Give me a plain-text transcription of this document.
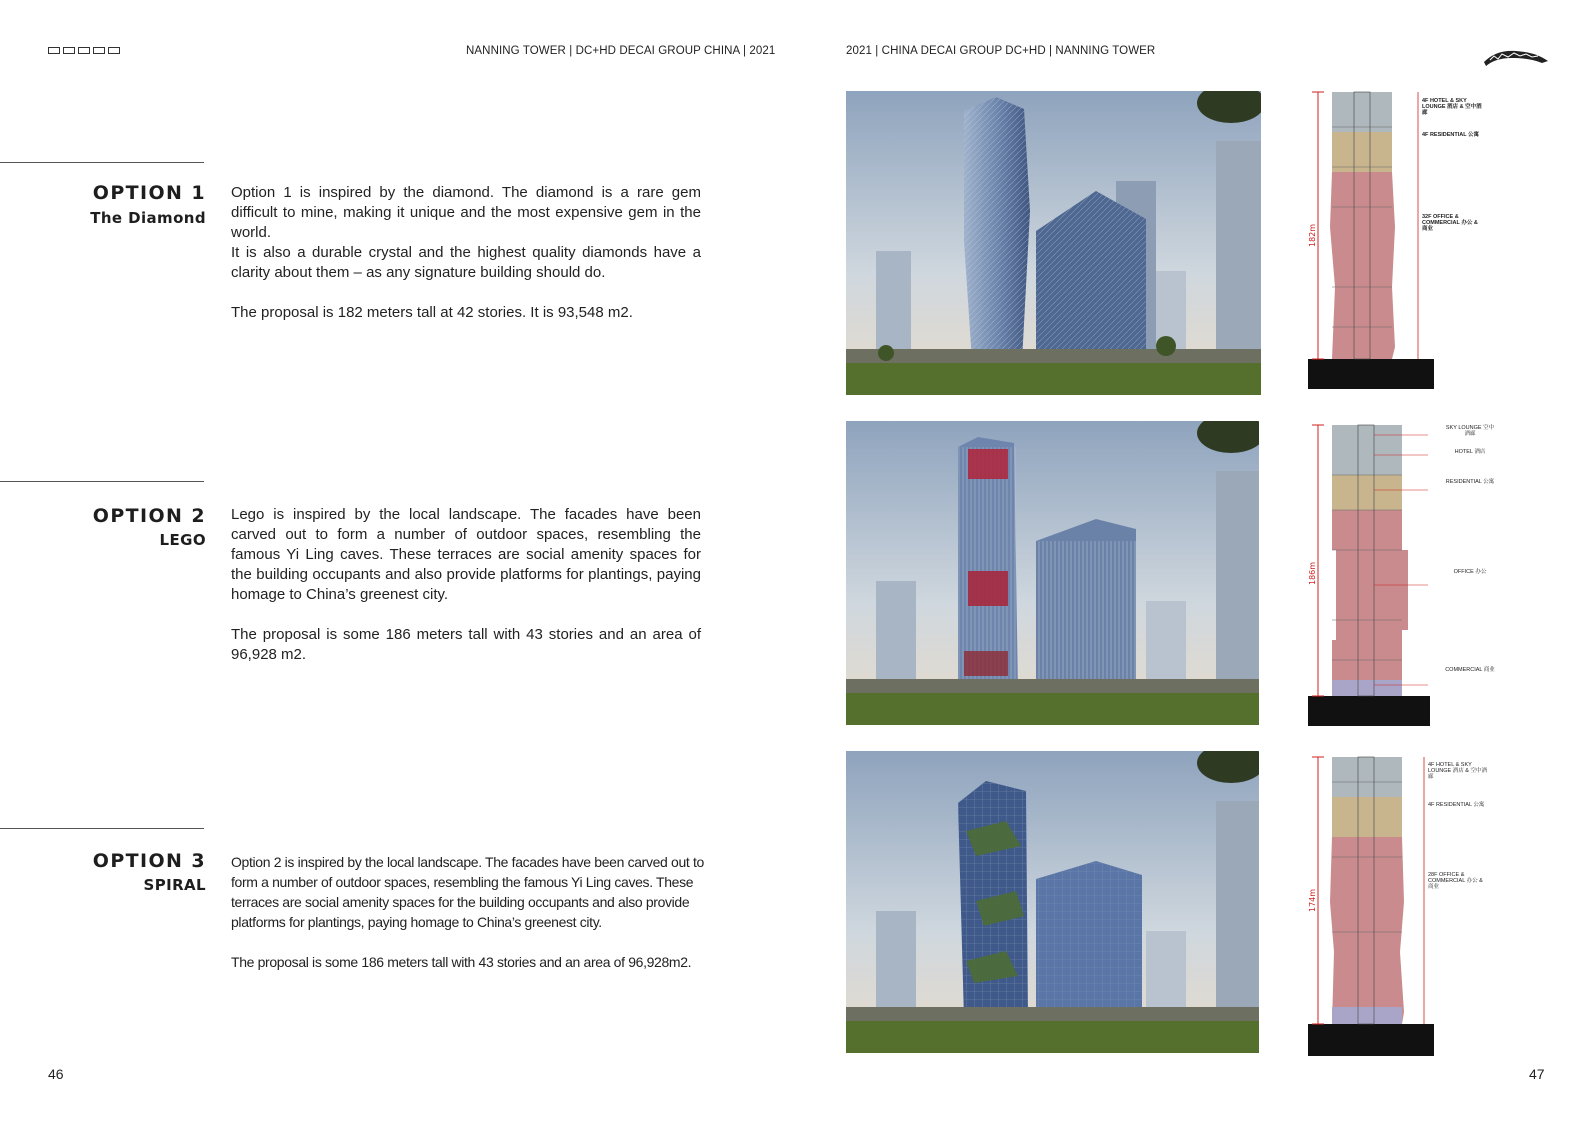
NANNING TOWER | DC+HD DECAI GROUP CHINA | 2021	2021 | CHINA DECAI GROUP DC+HD | NANNING TOWER
OPTION 1
The Diamond

Option 1 is inspired by the diamond. The diamond is a rare gem difficult to mine, making it unique and the most expensive gem in the world.
It is also a durable crystal and the highest quality diamonds have a clarity about them – as any signature building should do.

The proposal is 182 meters tall at 42 stories. It is 93,548 m2.

OPTION 2
LEGO

Lego is inspired by the local landscape. The facades have been carved out to form a number of outdoor spaces, resembling the famous Yi Ling caves. These terraces are social amenity spaces for the building occupants and also provide platforms for plantings, paying homage to China’s greenest city.

The proposal is some 186 meters tall with 43 stories and an area of 96,928 m2.

OPTION 3
SPIRAL

Option 2 is inspired by the local landscape. The facades have been carved out to form a number of outdoor spaces, resembling the famous Yi Ling caves. These terraces are social amenity spaces for the building occupants and also provide platforms for plantings, paying homage to China’s greenest city.

The proposal is some 186 meters tall with 43 stories and an area of 96,928m2.

46	47
182m
4F HOTEL & SKY LOUNGE 酒店 & 空中酒廊
4F RESIDENTIAL 公寓
32F OFFICE & COMMERCIAL 办公 & 商业
186m
SKY LOUNGE 空中酒廊
HOTEL 酒店
RESIDENTIAL 公寓
OFFICE 办公
COMMERCIAL 商业
174m
4F HOTEL & SKY LOUNGE 酒店 & 空中酒廊
4F RESIDENTIAL 公寓
28F OFFICE & COMMERCIAL 办公 & 商业
